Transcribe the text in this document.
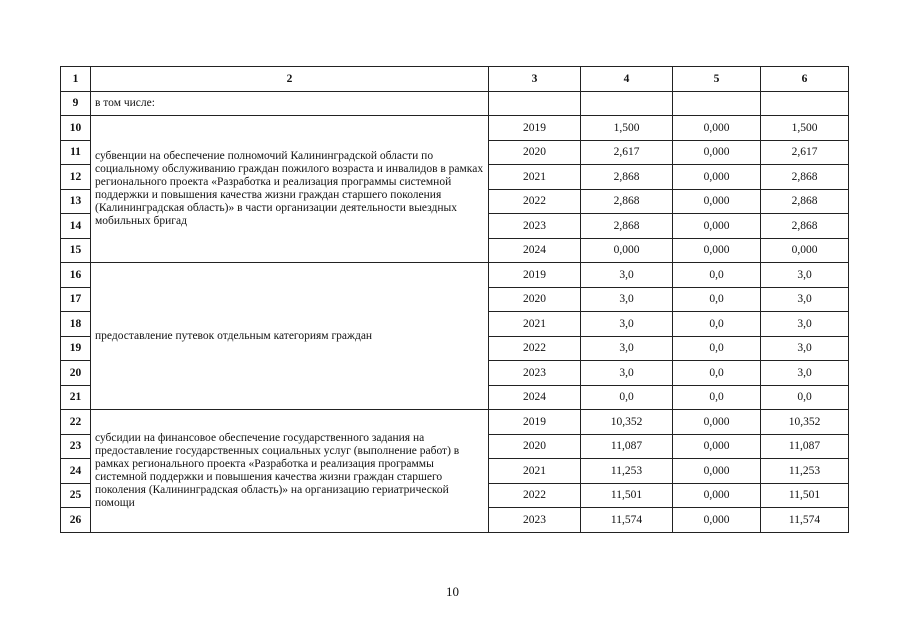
1	2	3	4	5	6
9	в том числе:				
10	субвенции на обеспечение полномочий Калининградской области по социальному обслуживанию граждан пожилого возраста и инвалидов в рамках регионального проекта «Разработка и реализация программы системной поддержки и повышения качества жизни граждан старшего поколения (Калининградская область)» в части организации деятельности выездных мобильных бригад	2019	1,500	0,000	1,500
11		2020	2,617	0,000	2,617
12		2021	2,868	0,000	2,868
13		2022	2,868	0,000	2,868
14		2023	2,868	0,000	2,868
15		2024	0,000	0,000	0,000
16	предоставление путевок отдельным категориям граждан	2019	3,0	0,0	3,0
17		2020	3,0	0,0	3,0
18		2021	3,0	0,0	3,0
19		2022	3,0	0,0	3,0
20		2023	3,0	0,0	3,0
21		2024	0,0	0,0	0,0
22	субсидии на финансовое обеспечение государственного задания на предоставление государственных социальных услуг (выполнение работ) в рамках регионального проекта «Разработка и реализация программы системной поддержки и повышения качества жизни граждан старшего поколения (Калининградская область)» на организацию гериатрической помощи	2019	10,352	0,000	10,352
23		2020	11,087	0,000	11,087
24		2021	11,253	0,000	11,253
25		2022	11,501	0,000	11,501
26		2023	11,574	0,000	11,574
10
